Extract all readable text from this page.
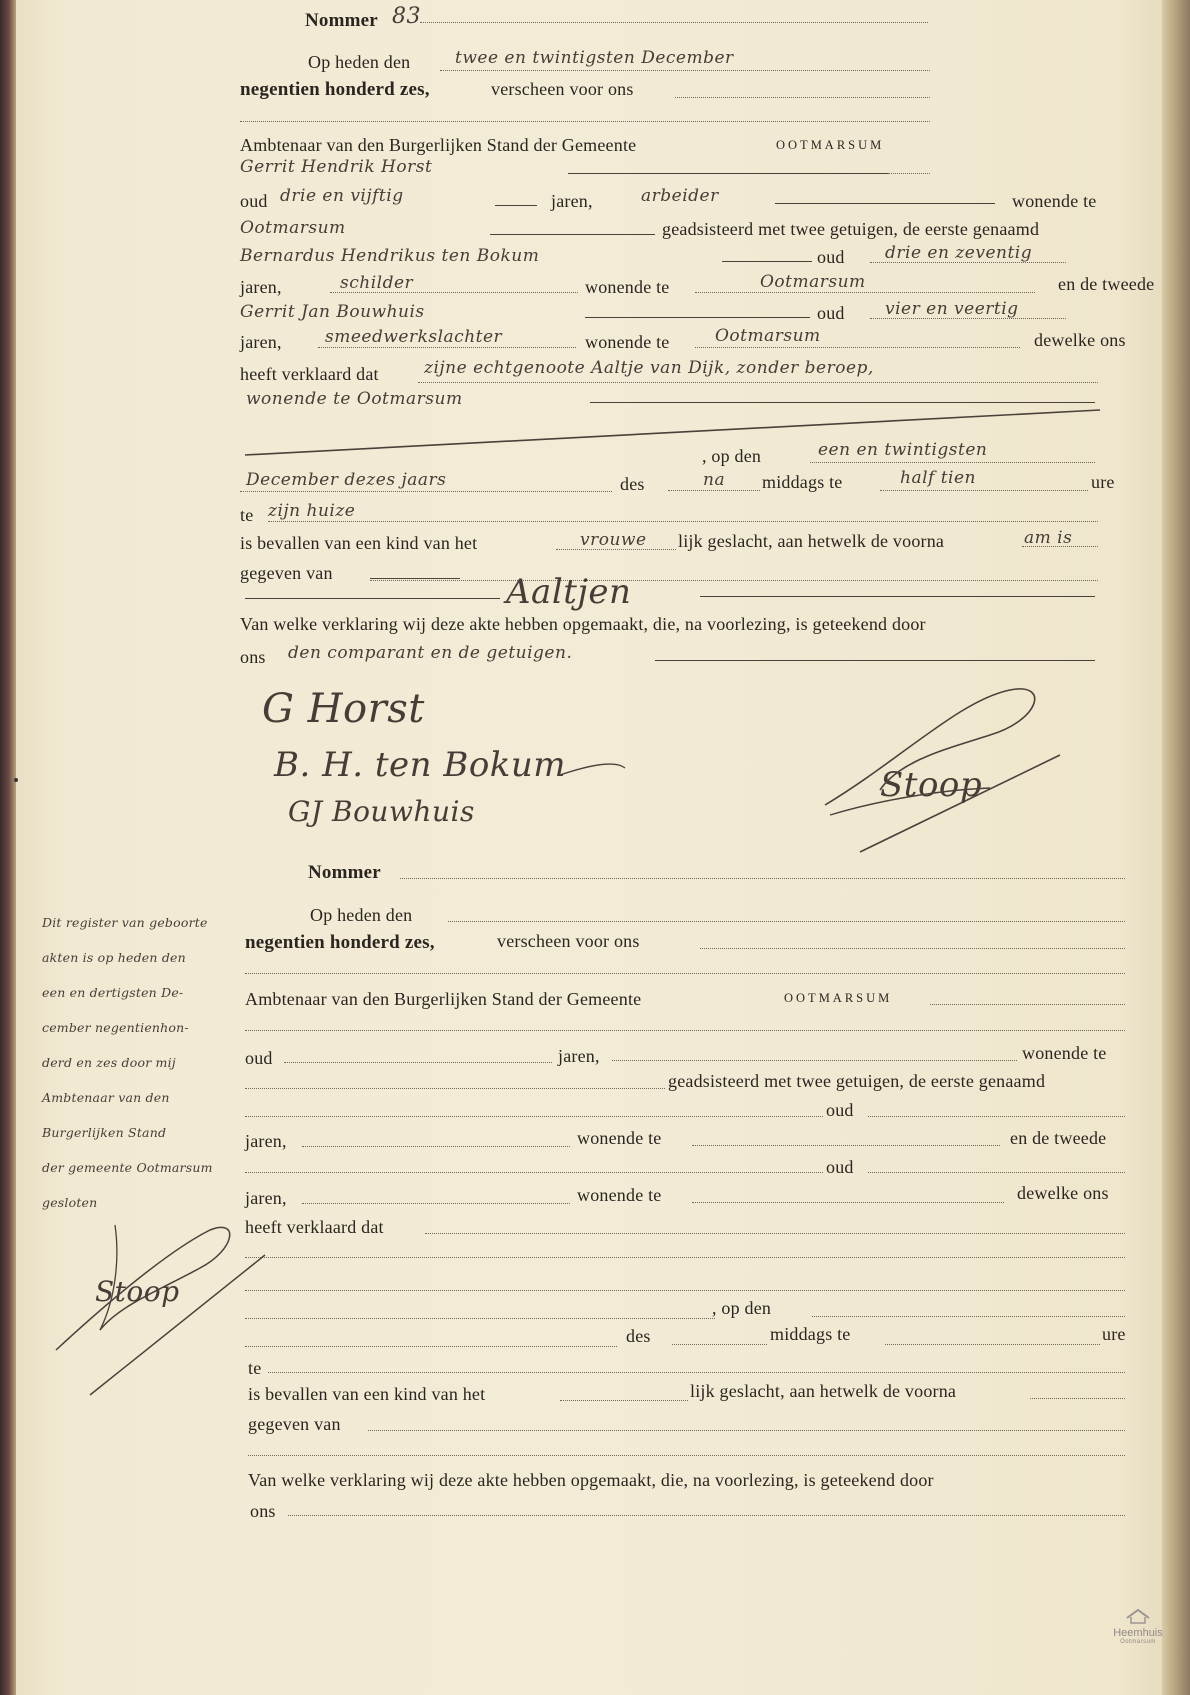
Nommer 83
Op heden den	twee en twintigsten December
negentien honderd zes,	verscheen voor ons
Ambtenaar van den Burgerlijken Stand der Gemeente	OOTMARSUM
Gerrit Hendrik Horst
oud drie en vijftig	jaren,	arbeider	wonende te
Ootmarsum	geadsisteerd met twee getuigen, de eerste genaamd
Bernardus Hendrikus ten Bokum	oud drie en zeventig
jaren,	schilder	wonende te	Ootmarsum	en de tweede
Gerrit Jan Bouwhuis	oud vier en veertig
jaren,	smeedwerkslachter	wonende te	Ootmarsum	dewelke ons
heeft verklaard dat	zijne echtgenoote Aaltje van Dijk, zonder beroep,
wonende te Ootmarsum
, op den	een en twintigsten
December dezes jaars	des	na middags te	half tien	ure
te zijn huize
is bevallen van een kind van het	vrouwe lijk geslacht, aan hetwelk de voorna	am is
gegeven van	Aaltjen
Van welke verklaring wij deze akte hebben opgemaakt, die, na voorlezing, is geteekend door
ons den comparant en de getuigen.
G Horst
B. H. ten Bokum
GJ Bouwhuis
Stoop
Nommer
Op heden den
negentien honderd zes,	verscheen voor ons
Ambtenaar van den Burgerlijken Stand der Gemeente	OOTMARSUM
oud	jaren,	wonende te
geadsisteerd met twee getuigen, de eerste genaamd
oud
jaren,	wonende te	en de tweede
oud
jaren,	wonende te	dewelke ons
heeft verklaard dat
, op den
des	middags te	ure
te
is bevallen van een kind van het	lijk geslacht, aan hetwelk de voorna
gegeven van
Van welke verklaring wij deze akte hebben opgemaakt, die, na voorlezing, is geteekend door
ons
Dit register van geboorte
akten is op heden den
een en dertigsten De-
cember negentienhon-
derd en zes door mij
Ambtenaar van den
Burgerlijken Stand
der gemeente Ootmarsum
gesloten
Stoop
Heemhuis
Ootmarsum
